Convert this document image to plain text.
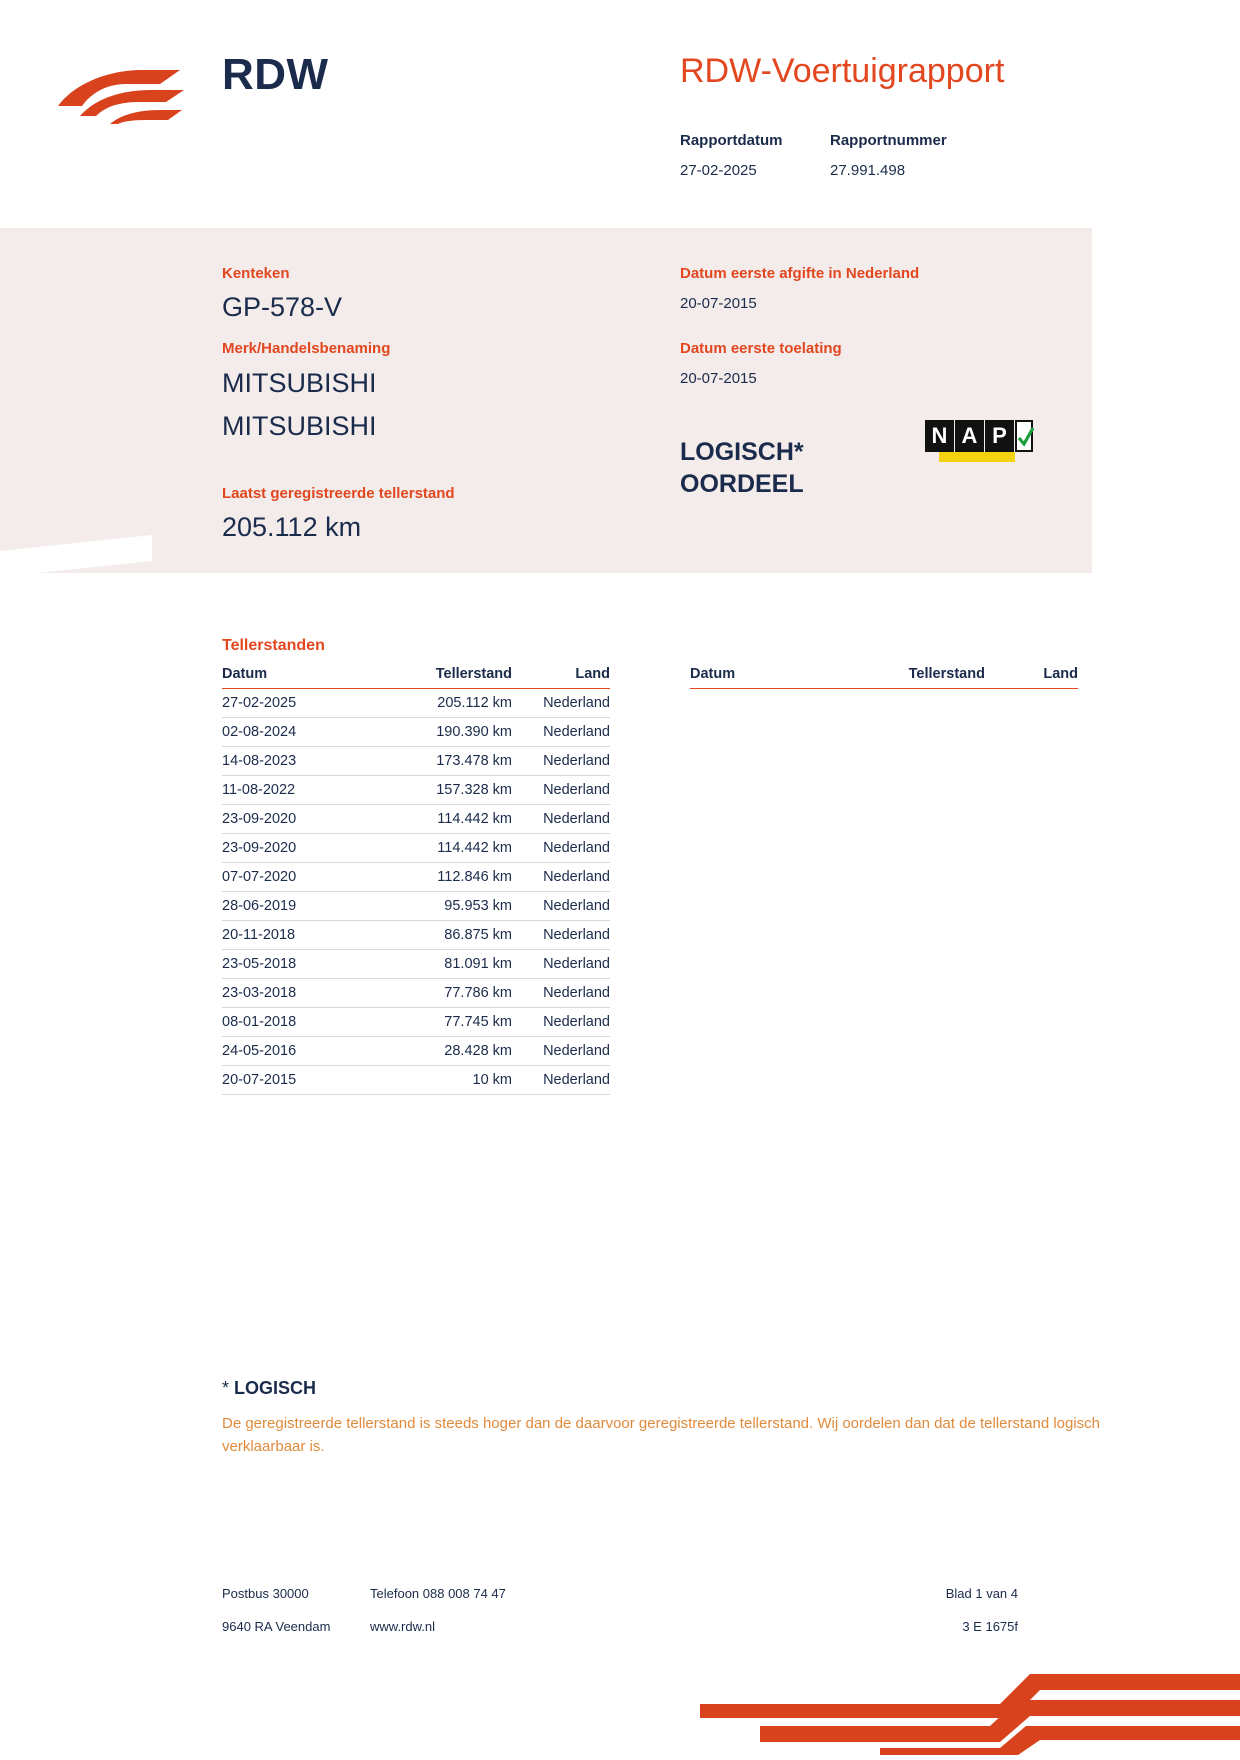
RDW	RDW-Voertuigrapport
Rapportdatum	Rapportnummer
27-02-2025	27.991.498
Kenteken
GP-578-V
Merk/Handelsbenaming
MITSUBISHI
MITSUBISHI
Laatst geregistreerde tellerstand
205.112 km
Datum eerste afgifte in Nederland
20-07-2015
Datum eerste toelating
20-07-2015
LOGISCH*
OORDEEL
N A P
Tellerstanden
Datum	Tellerstand	Land
27-02-2025	205.112 km	Nederland
02-08-2024	190.390 km	Nederland
14-08-2023	173.478 km	Nederland
11-08-2022	157.328 km	Nederland
23-09-2020	114.442 km	Nederland
23-09-2020	114.442 km	Nederland
07-07-2020	112.846 km	Nederland
28-06-2019	95.953 km	Nederland
20-11-2018	86.875 km	Nederland
23-05-2018	81.091 km	Nederland
23-03-2018	77.786 km	Nederland
08-01-2018	77.745 km	Nederland
24-05-2016	28.428 km	Nederland
20-07-2015	10 km	Nederland
Datum	Tellerstand	Land
* LOGISCH
De geregistreerde tellerstand is steeds hoger dan de daarvoor geregistreerde tellerstand. Wij oordelen dan dat de tellerstand logisch verklaarbaar is.
Postbus 30000	Telefoon 088 008 74 47	Blad 1 van 4
9640 RA Veendam	www.rdw.nl	3 E 1675f
